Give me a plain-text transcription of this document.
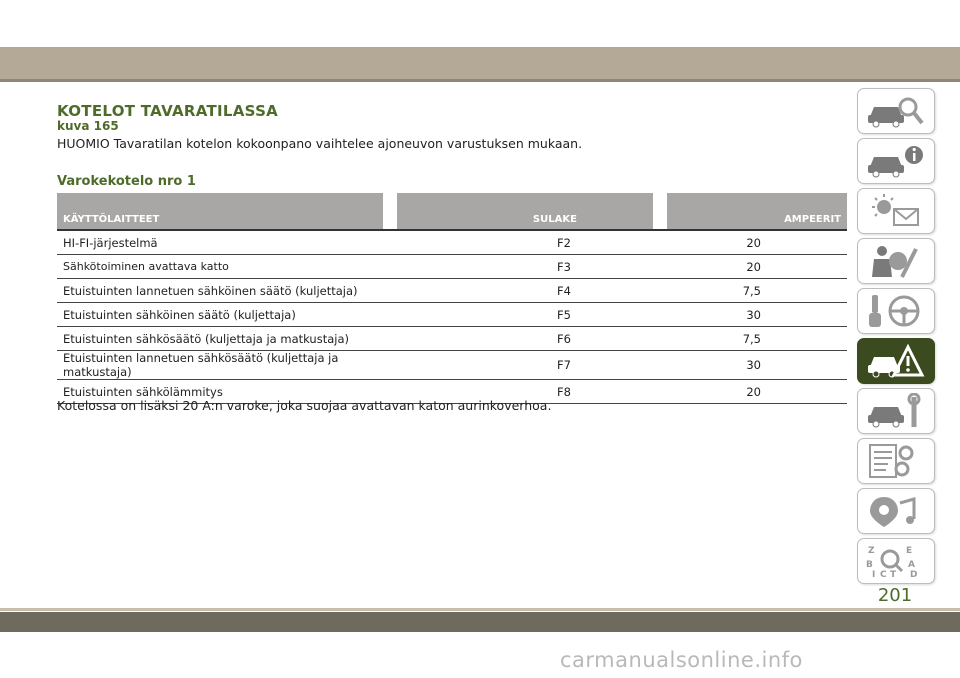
KOTELOT TAVARATILASSA
kuva 165
HUOMIO Tavaratilan kotelon kokoonpano vaihtelee ajoneuvon varustuksen mukaan.
Varokekotelo nro 1
KÄYTTÖLAITTEET		SULAKE		AMPEERIT
HI-FI-järjestelmä		F2		20
Sähkötoiminen avattava katto		F3		20
Etuistuinten lannetuen sähköinen säätö (kuljettaja)		F4		7,5
Etuistuinten sähköinen säätö (kuljettaja)		F5		30
Etuistuinten sähkösäätö (kuljettaja ja matkustaja)		F6		7,5
Etuistuinten lannetuen sähkösäätö (kuljettaja ja matkustaja)		F7		30
Etuistuinten sähkölämmitys		F8		20
Kotelossa on lisäksi 20 A:n varoke, joka suojaa avattavan katon aurinkoverhoa.
Z	E
B	A
I C T D
201
carmanualsonline.info
